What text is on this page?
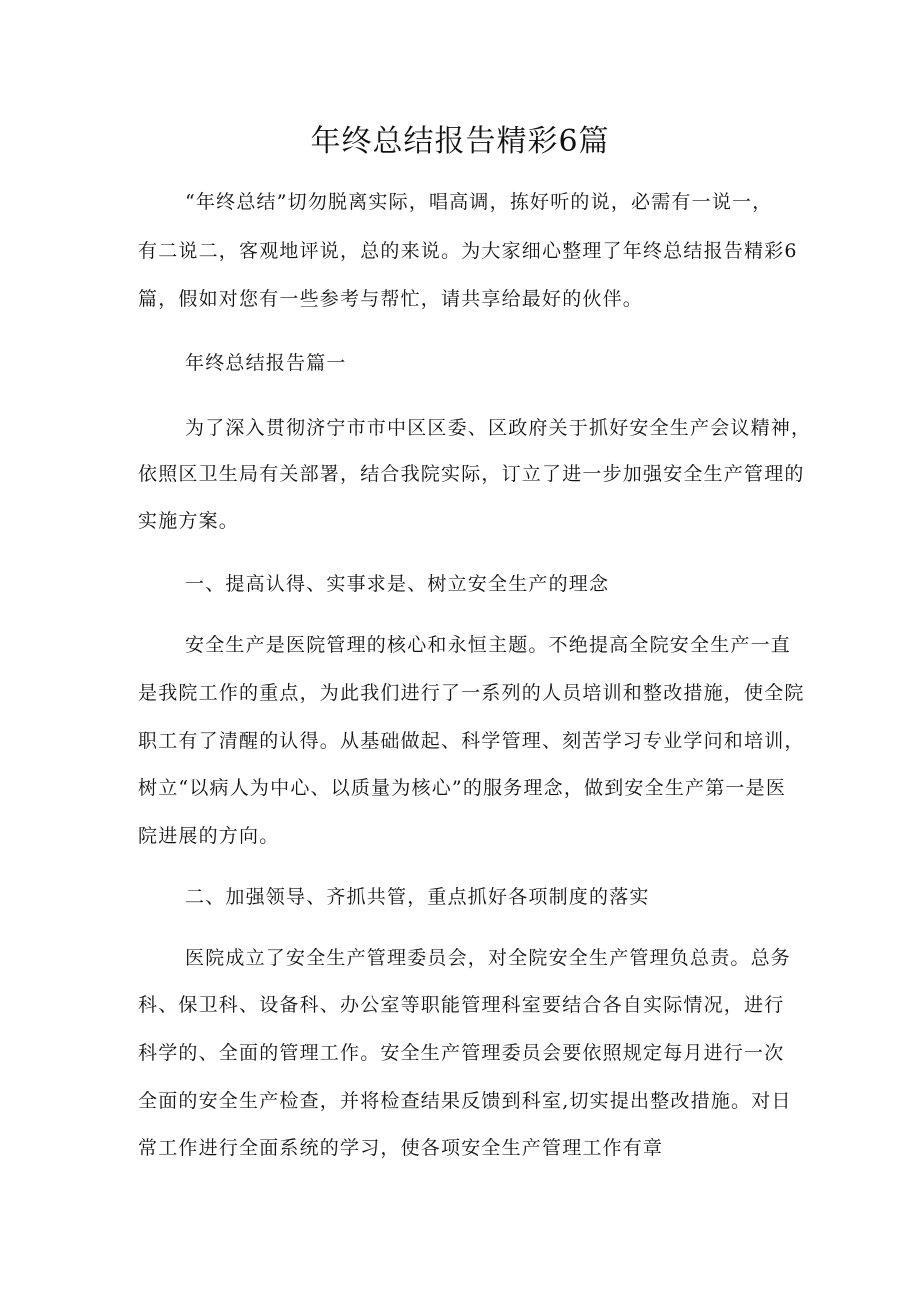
年终总结报告精彩6篇
“年终总结”切勿脱离实际，唱高调，拣好听的说，必需有一说一，
有二说二，客观地评说，总的来说。为大家细心整理了年终总结报告精彩6
篇，假如对您有一些参考与帮忙，请共享给最好的伙伴。
年终总结报告篇一
为了深入贯彻济宁市市中区区委、区政府关于抓好安全生产会议精神，
依照区卫生局有关部署，结合我院实际，订立了进一步加强安全生产管理的
实施方案。
一、提高认得、实事求是、树立安全生产的理念
安全生产是医院管理的核心和永恒主题。不绝提高全院安全生产一直
是我院工作的重点，为此我们进行了一系列的人员培训和整改措施，使全院
职工有了清醒的认得。从基础做起、科学管理、刻苦学习专业学问和培训，
树立“以病人为中心、以质量为核心”的服务理念，做到安全生产第一是医
院进展的方向。
二、加强领导、齐抓共管，重点抓好各项制度的落实
医院成立了安全生产管理委员会，对全院安全生产管理负总责。总务
科、保卫科、设备科、办公室等职能管理科室要结合各自实际情况，进行
科学的、全面的管理工作。安全生产管理委员会要依照规定每月进行一次
全面的安全生产检查，并将检查结果反馈到科室,切实提出整改措施。对日
常工作进行全面系统的学习，使各项安全生产管理工作有章
